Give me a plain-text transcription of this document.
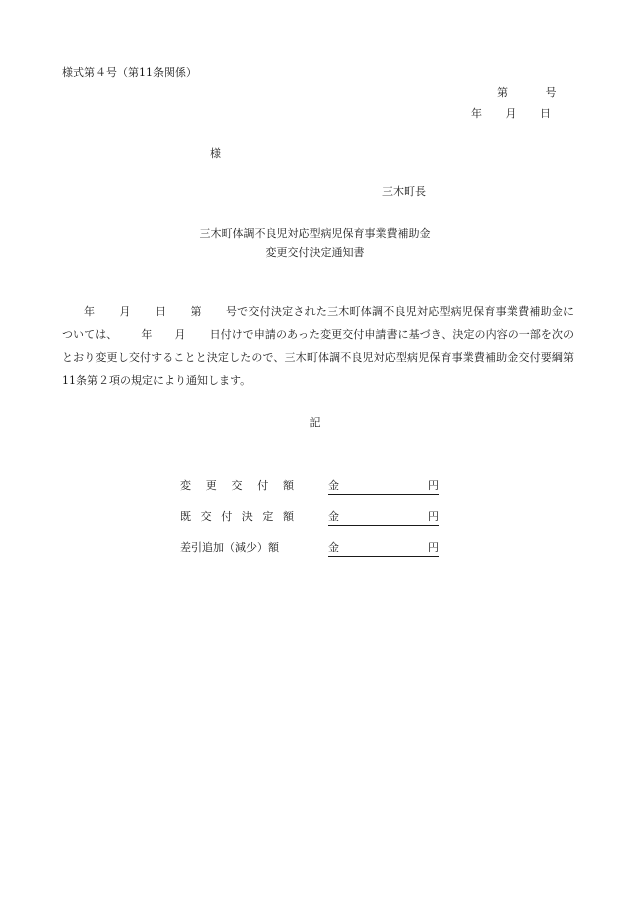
様式第４号（第11条関係）
第 号
年 月 日
様
三木町長
三木町体調不良児対応型病児保育事業費補助金
変更交付決定通知書
年 月 日 第 号で交付決定された三木町体調不良児対応型病児保育事業費補助金については、 年 月 日付けで申請のあった変更交付申請書に基づき、決定の内容の一部を次のとおり変更し交付することと決定したので、三木町体調不良児対応型病児保育事業費補助金交付要綱第11条第２項の規定により通知します。
記
変 更 交 付 額	金	円
既 交 付 決 定 額	金	円
差引追加（減少）額	金	円
